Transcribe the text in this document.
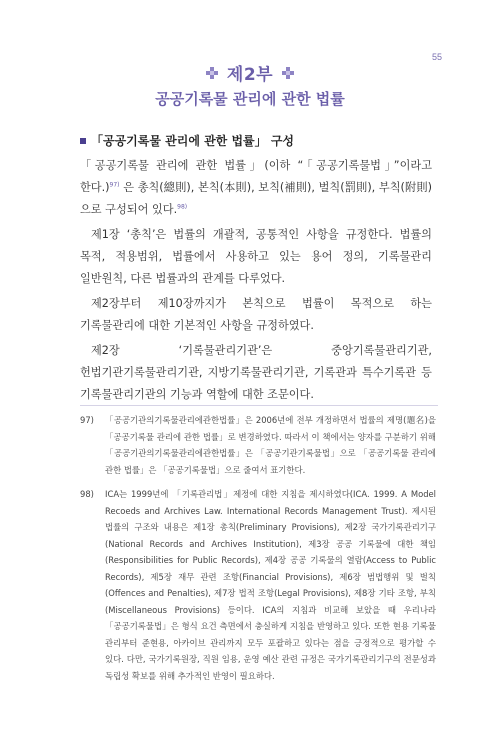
55
제2부
공공기록물 관리에 관한 법률
「공공기록물 관리에 관한 법률」 구성

「공공기록물 관리에 관한 법률」(이하 “「공공기록물법」”이라고 한다.)$^{97)}$ 은 총칙(總則), 본칙(本則), 보칙(補則), 벌칙(罰則), 부칙(附則)으로 구성되어 있다.$^{98)}$

제1장 ‘총칙’은 법률의 개괄적, 공통적인 사항을 규정한다. 법률의 목적, 적용범위, 법률에서 사용하고 있는 용어 정의, 기록물관리 일반원칙, 다른 법률과의 관계를 다루었다.

제2장부터 제10장까지가 본칙으로 법률이 목적으로 하는 기록물관리에 대한 기본적인 사항을 규정하였다.

제2장 ‘기록물관리기관’은 중앙기록물관리기관, 헌법기관기록물관리기관, 지방기록물관리기관, 기록관과 특수기록관 등 기록물관리기관의 기능과 역할에 대한 조문이다.

97)	「공공기관의기록물관리에관한법률」은 2006년에 전부 개정하면서 법률의 제명(題名)을 「공공기록물 관리에 관한 법률」로 변경하였다. 따라서 이 책에서는 양자를 구분하기 위해 「공공기관의기록물관리에관한법률」은 「공공기관기록물법」으로 「공공기록물 관리에 관한 법률」은 「공공기록물법」으로 줄여서 표기한다.
98)	ICA는 1999년에 「기록관리법」제정에 대한 지침을 제시하였다(ICA. 1999. A Model Recoeds and Archives Law. International Records Management Trust). 제시된 법률의 구조와 내용은 제1장 총칙(Preliminary Provisions), 제2장 국가기록관리기구(National Records and Archives Institution), 제3장 공공 기록물에 대한 책임(Responsibilities for Public Records), 제4장 공공 기록물의 열람(Access to Public Records), 제5장 재무 관련 조항(Financial Provisions), 제6장 범법행위 및 벌칙(Offences and Penalties), 제7장 법적 조항(Legal Provisions), 제8장 기타 조항, 부칙(Miscellaneous Provisions) 등이다. ICA의 지침과 비교해 보았을 때 우리나라 「공공기록물법」은 형식 요건 측면에서 충실하게 지침을 반영하고 있다. 또한 현용 기록물 관리부터 준현용, 아카이브 관리까지 모두 포괄하고 있다는 점을 긍정적으로 평가할 수 있다. 다만, 국가기록원장, 직원 임용, 운영 예산 관련 규정은 국가기록관리기구의 전문성과 독립성 확보를 위해 추가적인 반영이 필요하다.
